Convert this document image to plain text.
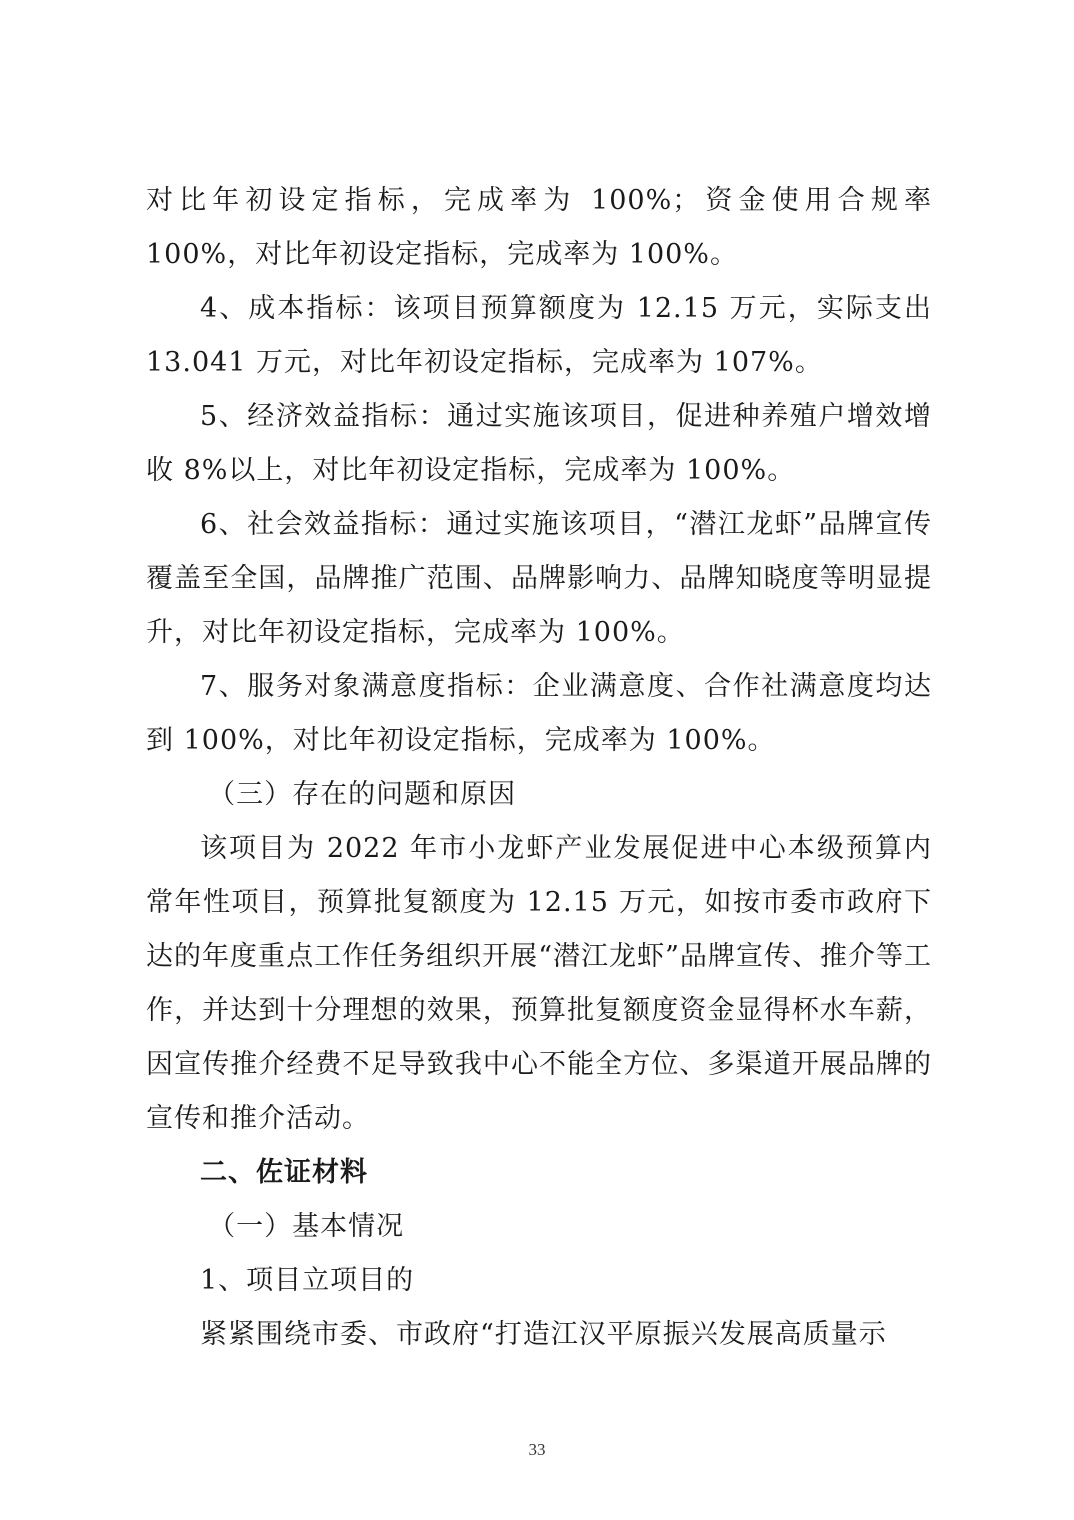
对比年初设定指标，完成率为 100%；资金使用合规率 100%，对比年初设定指标，完成率为 100%。

4、成本指标：该项目预算额度为 12.15 万元，实际支出 13.041 万元，对比年初设定指标，完成率为 107%。

5、经济效益指标：通过实施该项目，促进种养殖户增效增收 8%以上，对比年初设定指标，完成率为 100%。

6、社会效益指标：通过实施该项目，“潜江龙虾”品牌宣传覆盖至全国，品牌推广范围、品牌影响力、品牌知晓度等明显提升，对比年初设定指标，完成率为 100%。

7、服务对象满意度指标：企业满意度、合作社满意度均达到 100%，对比年初设定指标，完成率为 100%。

（三）存在的问题和原因

该项目为 2022 年市小龙虾产业发展促进中心本级预算内常年性项目，预算批复额度为 12.15 万元，如按市委市政府下达的年度重点工作任务组织开展“潜江龙虾”品牌宣传、推介等工作，并达到十分理想的效果，预算批复额度资金显得杯水车薪，因宣传推介经费不足导致我中心不能全方位、多渠道开展品牌的宣传和推介活动。

二、佐证材料

（一）基本情况

1、项目立项目的

紧紧围绕市委、市政府“打造江汉平原振兴发展高质量示

33
